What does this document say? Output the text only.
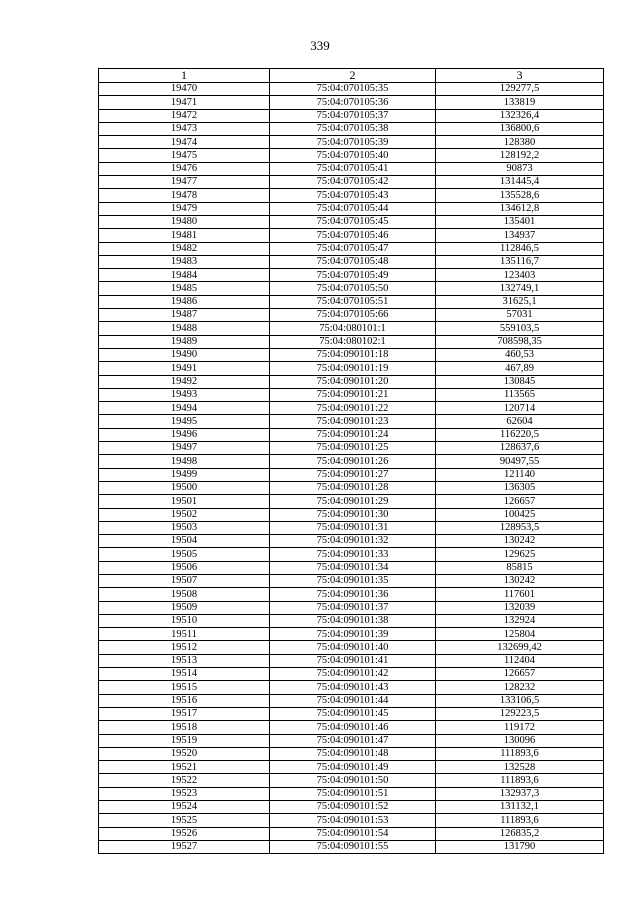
339
1	2	3
19470	75:04:070105:35	129277,5
19471	75:04:070105:36	133819
19472	75:04:070105:37	132326,4
19473	75:04:070105:38	136800,6
19474	75:04:070105:39	128380
19475	75:04:070105:40	128192,2
19476	75:04:070105:41	90873
19477	75:04:070105:42	131445,4
19478	75:04:070105:43	135528,6
19479	75:04:070105:44	134612,8
19480	75:04:070105:45	135401
19481	75:04:070105:46	134937
19482	75:04:070105:47	112846,5
19483	75:04:070105:48	135116,7
19484	75:04:070105:49	123403
19485	75:04:070105:50	132749,1
19486	75:04:070105:51	31625,1
19487	75:04:070105:66	57031
19488	75:04:080101:1	559103,5
19489	75:04:080102:1	708598,35
19490	75:04:090101:18	460,53
19491	75:04:090101:19	467,89
19492	75:04:090101:20	130845
19493	75:04:090101:21	113565
19494	75:04:090101:22	120714
19495	75:04:090101:23	62604
19496	75:04:090101:24	116220,5
19497	75:04:090101:25	128637,6
19498	75:04:090101:26	90497,55
19499	75:04:090101:27	121140
19500	75:04:090101:28	136305
19501	75:04:090101:29	126657
19502	75:04:090101:30	100425
19503	75:04:090101:31	128953,5
19504	75:04:090101:32	130242
19505	75:04:090101:33	129625
19506	75:04:090101:34	85815
19507	75:04:090101:35	130242
19508	75:04:090101:36	117601
19509	75:04:090101:37	132039
19510	75:04:090101:38	132924
19511	75:04:090101:39	125804
19512	75:04:090101:40	132699,42
19513	75:04:090101:41	112404
19514	75:04:090101:42	126657
19515	75:04:090101:43	128232
19516	75:04:090101:44	133106,5
19517	75:04:090101:45	129223,5
19518	75:04:090101:46	119172
19519	75:04:090101:47	130096
19520	75:04:090101:48	111893,6
19521	75:04:090101:49	132528
19522	75:04:090101:50	111893,6
19523	75:04:090101:51	132937,3
19524	75:04:090101:52	131132,1
19525	75:04:090101:53	111893,6
19526	75:04:090101:54	126835,2
19527	75:04:090101:55	131790
